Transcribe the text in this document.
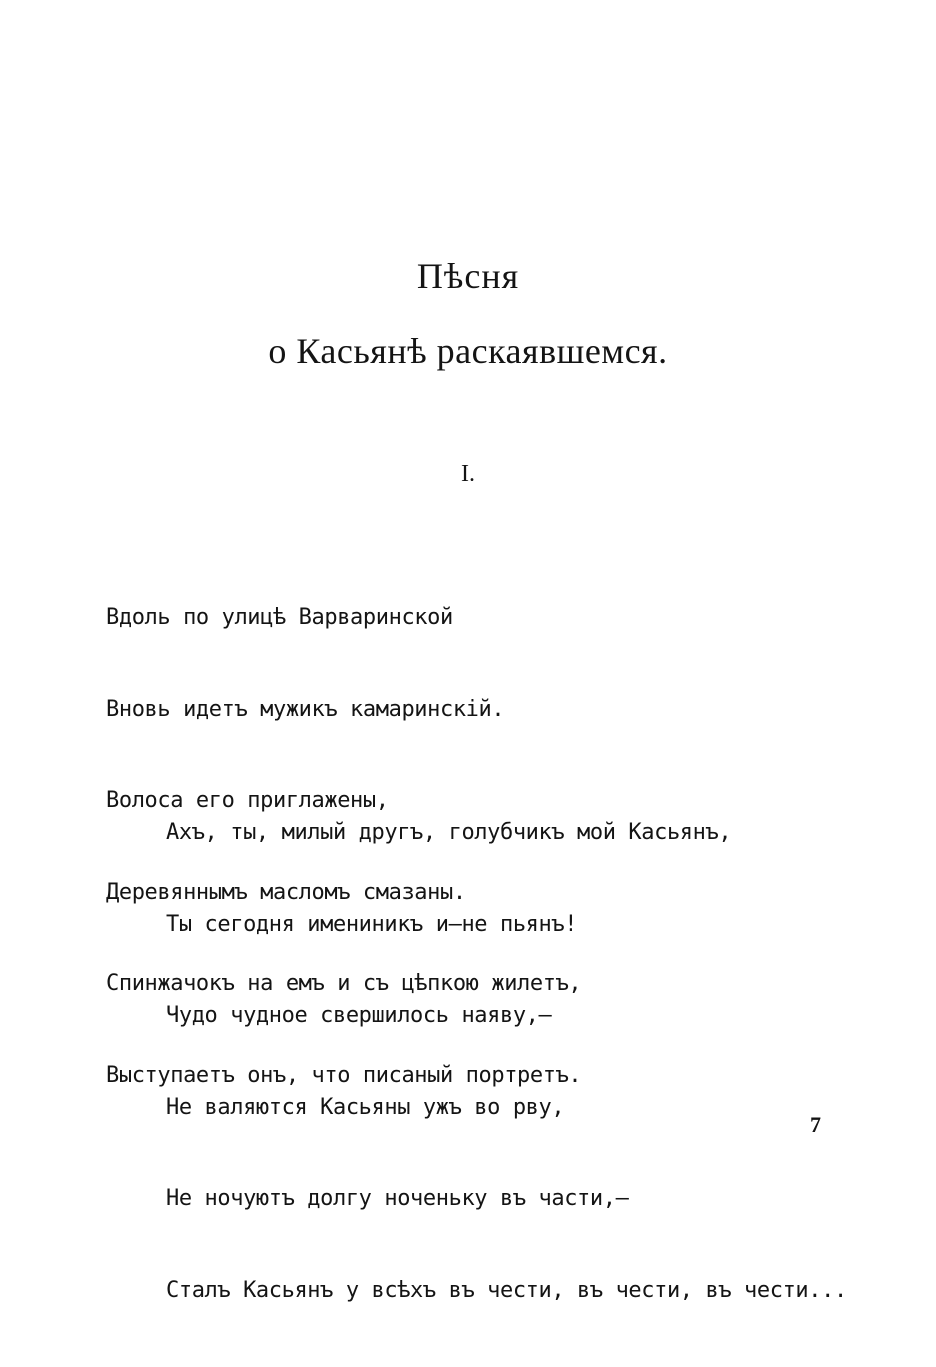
Пѣсня
о Касьянѣ раскаявшемся.
I.

Вдоль по улицѣ Варваринской

Вновь идетъ мужикъ камаринскій.

Волоса его приглажены,

Деревяннымъ масломъ смазаны.

Спинжачокъ на емъ и съ цѣпкою жилетъ,

Выступаетъ онъ, что писаный портретъ.

Ахъ, ты, милый другъ, голубчикъ мой Касьянъ,

Ты сегодня имениникъ и—не пьянъ!

Чудо чудное свершилось наяву,—

Не валяются Касьяны ужъ во рву,

Не ночуютъ долгу ноченьку въ части,—

Сталъ Касьянъ у всѣхъ въ чести, въ чести, въ чести...

7
